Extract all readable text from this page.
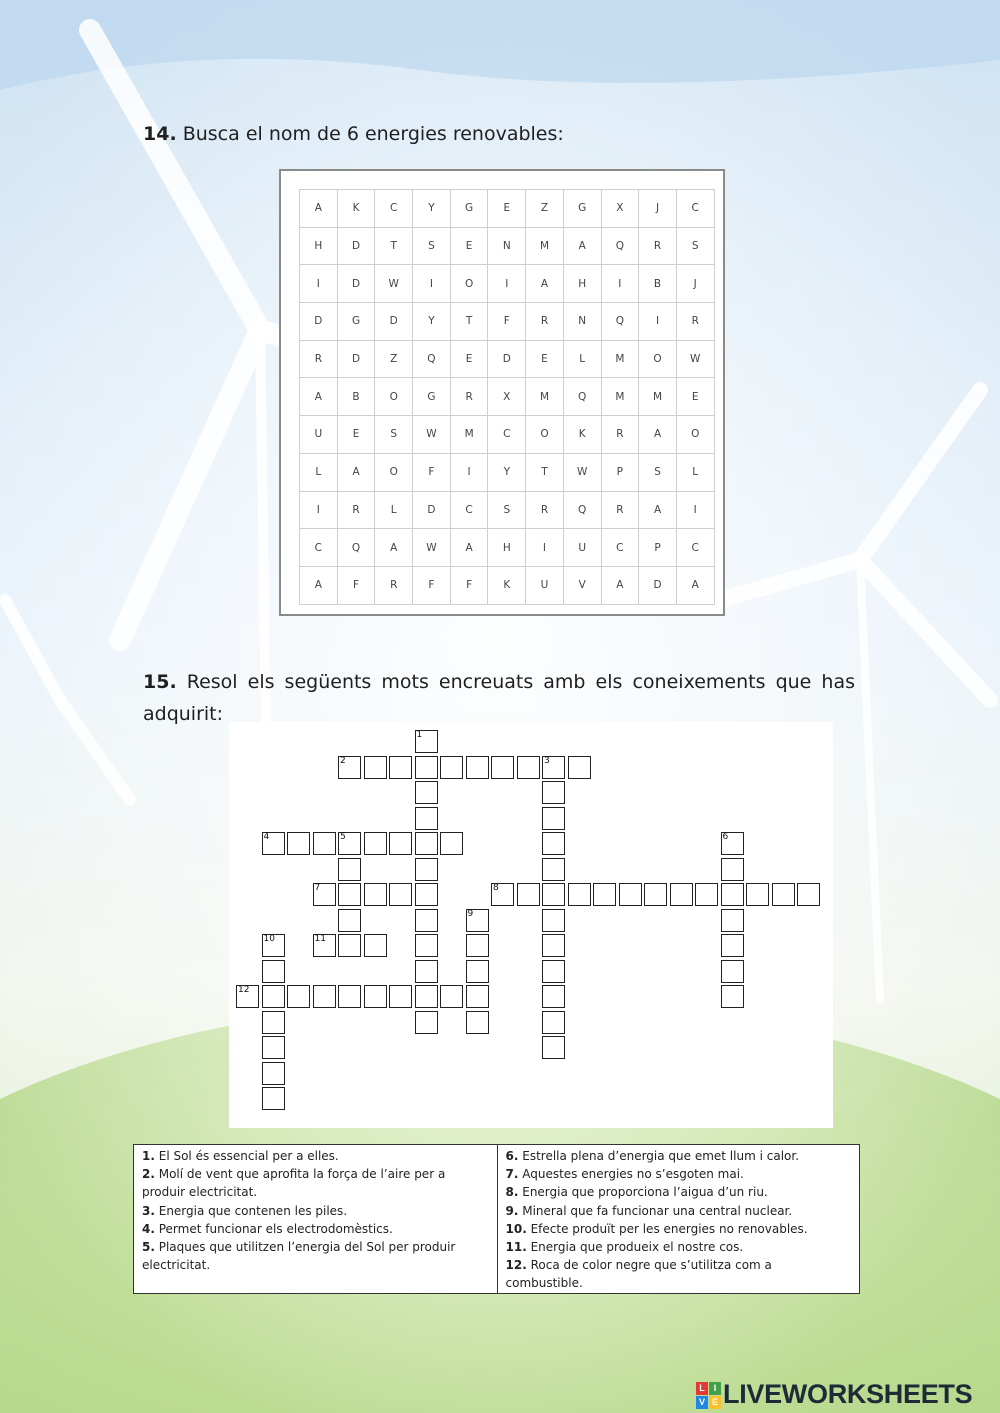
14. Busca el nom de 6 energies renovables:
A	K	C	Y	G	E	Z	G	X	J	C
H	D	T	S	E	N	M	A	Q	R	S
I	D	W	I	O	I	A	H	I	B	J
D	G	D	Y	T	F	R	N	Q	I	R
R	D	Z	Q	E	D	E	L	M	O	W
A	B	O	G	R	X	M	Q	M	M	E
U	E	S	W	M	C	O	K	R	A	O
L	A	O	F	I	Y	T	W	P	S	L
I	R	L	D	C	S	R	Q	R	A	I
C	Q	A	W	A	H	I	U	C	P	C
A	F	R	F	F	K	U	V	A	D	A
15. Resol els següents mots encreuats amb els coneixements que has adquirit:
1
2	3
4	5	6
7	8
9
10	11
12

1. El Sol és essencial per a elles.

2. Molí de vent que aprofita la força de l’aire per a produir electricitat.

3. Energia que contenen les piles.

4. Permet funcionar els electrodomèstics.

5. Plaques que utilitzen l’energia del Sol per produir electricitat.

6. Estrella plena d’energia que emet llum i calor.

7. Aquestes energies no s’esgoten mai.

8. Energia que proporciona l’aigua d’un riu.

9. Mineral que fa funcionar una central nuclear.

10. Efecte produït per les energies no renovables.

11. Energia que produeix el nostre cos.

12. Roca de color negre que s’utilitza com a combustible.

L I
V E LIVEWORKSHEETS
